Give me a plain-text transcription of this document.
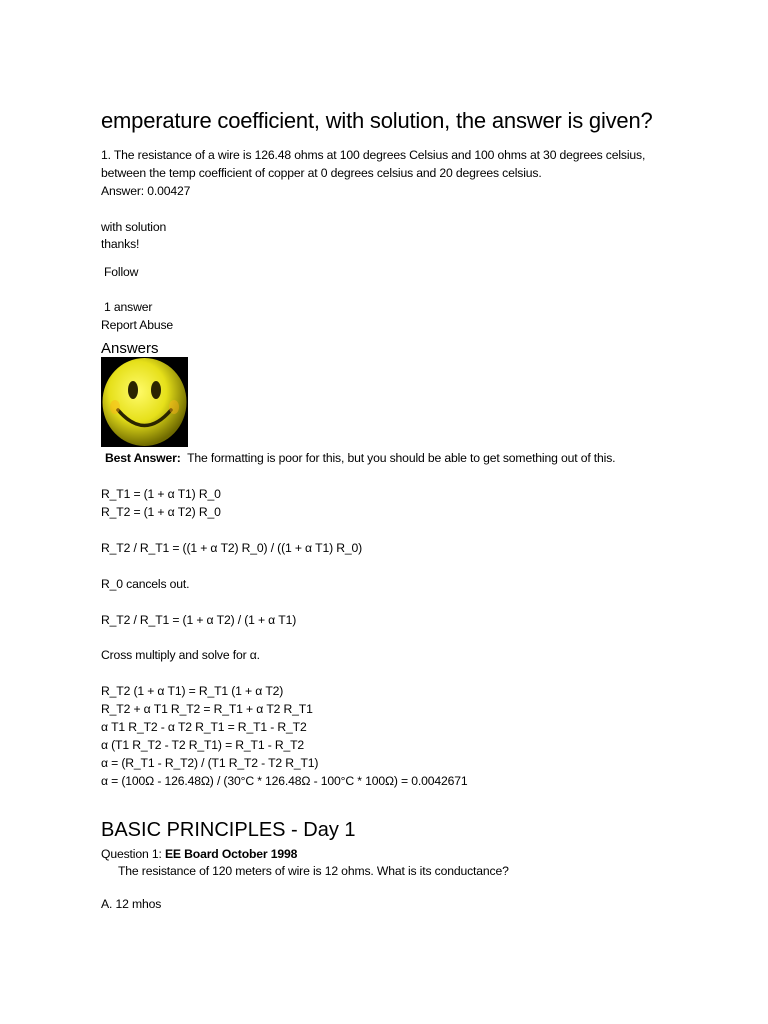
emperature coefficient, with solution, the answer is given?
1. The resistance of a wire is 126.48 ohms at 100 degrees Celsius and 100 ohms at 30 degrees celsius,
between the temp coefficient of copper at 0 degrees celsius and 20 degrees celsius.
Answer: 0.00427
with solution
thanks!
Follow
1 answer
Report Abuse
Answers
Best Answer: The formatting is poor for this, but you should be able to get something out of this.
R_T1 = (1 + α T1) R_0
R_T2 = (1 + α T2) R_0
R_T2 / R_T1 = ((1 + α T2) R_0) / ((1 + α T1) R_0)
R_0 cancels out.
R_T2 / R_T1 = (1 + α T2) / (1 + α T1)
Cross multiply and solve for α.
R_T2 (1 + α T1) = R_T1 (1 + α T2)
R_T2 + α T1 R_T2 = R_T1 + α T2 R_T1
α T1 R_T2 - α T2 R_T1 = R_T1 - R_T2
α (T1 R_T2 - T2 R_T1) = R_T1 - R_T2
α = (R_T1 - R_T2) / (T1 R_T2 - T2 R_T1)
α = (100Ω - 126.48Ω) / (30°C * 126.48Ω - 100°C * 100Ω) = 0.0042671
BASIC PRINCIPLES - Day 1
Question 1: EE Board October 1998
The resistance of 120 meters of wire is 12 ohms. What is its conductance?
A. 12 mhos
